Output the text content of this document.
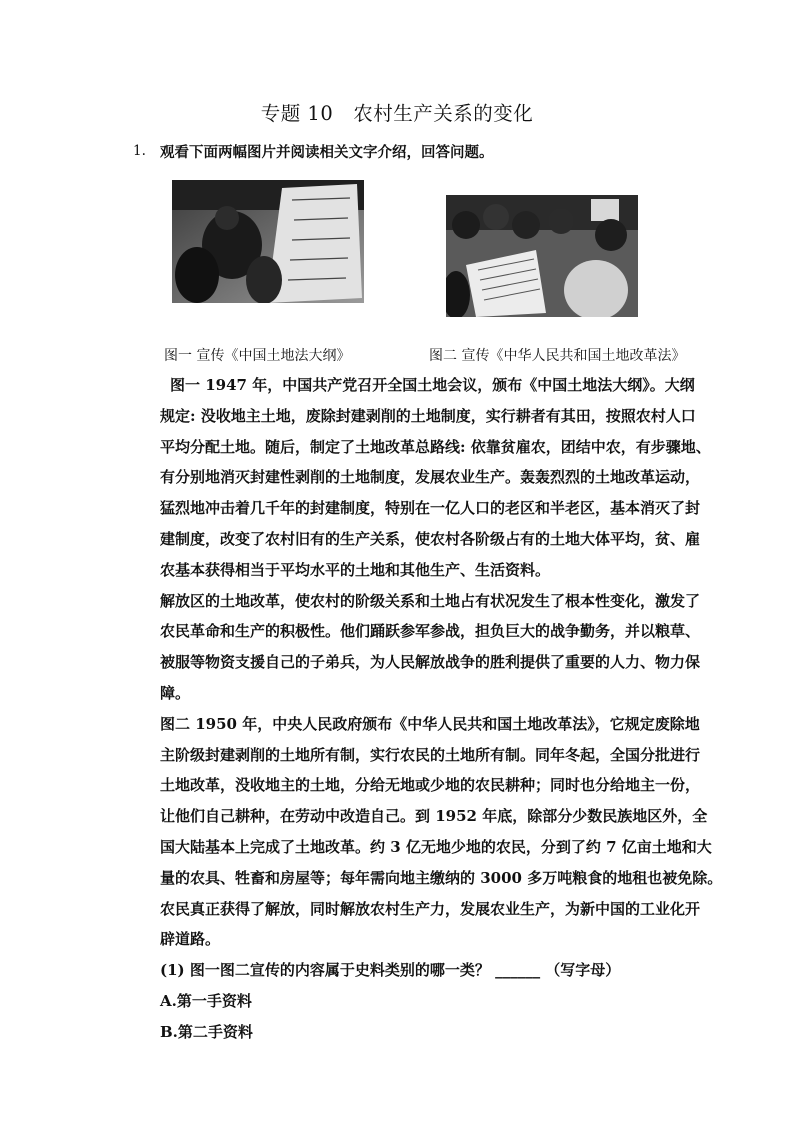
专题 10　农村生产关系的变化
1. 观看下面两幅图片并阅读相关文字介绍，回答问题。
图一 宣传《中国土地法大纲》	图二 宣传《中华人民共和国土地改革法》
图一 1947 年，中国共产党召开全国土地会议，颁布《中国土地法大纲》。大纲
规定: 没收地主土地，废除封建剥削的土地制度，实行耕者有其田，按照农村人口
平均分配土地。随后，制定了土地改革总路线: 依靠贫雇农，团结中农，有步骤地、
有分别地消灭封建性剥削的土地制度，发展农业生产。轰轰烈烈的土地改革运动，
猛烈地冲击着几千年的封建制度，特别在一亿人口的老区和半老区，基本消灭了封
建制度，改变了农村旧有的生产关系，使农村各阶级占有的土地大体平均，贫、雇
农基本获得相当于平均水平的土地和其他生产、生活资料。
解放区的土地改革，使农村的阶级关系和土地占有状况发生了根本性变化，激发了
农民革命和生产的积极性。他们踊跃参军参战，担负巨大的战争勤务，并以粮草、
被服等物资支援自己的子弟兵，为人民解放战争的胜利提供了重要的人力、物力保
障。
图二 1950 年，中央人民政府颁布《中华人民共和国土地改革法》，它规定废除地
主阶级封建剥削的土地所有制，实行农民的土地所有制。同年冬起，全国分批进行
土地改革，没收地主的土地，分给无地或少地的农民耕种；同时也分给地主一份，
让他们自己耕种，在劳动中改造自己。到 1952 年底，除部分少数民族地区外，全
国大陆基本上完成了土地改革。约 3 亿无地少地的农民，分到了约 7 亿亩土地和大
量的农具、牲畜和房屋等；每年需向地主缴纳的 3000 多万吨粮食的地租也被免除。
农民真正获得了解放，同时解放农村生产力，发展农业生产，为新中国的工业化开
辟道路。
(1) 图一图二宣传的内容属于史料类别的哪一类？ ______ （写字母）
A.第一手资料
B.第二手资料
